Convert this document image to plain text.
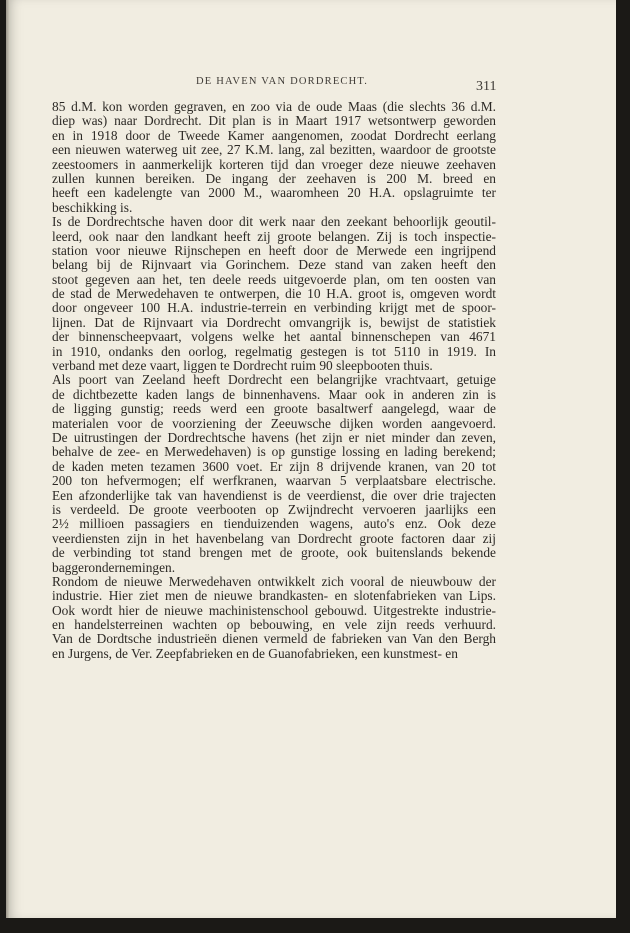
DE HAVEN VAN DORDRECHT.	311
85 d.M. kon worden gegraven, en zoo via de oude Maas (die slechts 36 d.M.
diep was) naar Dordrecht. Dit plan is in Maart 1917 wetsontwerp geworden
en in 1918 door de Tweede Kamer aangenomen, zoodat Dordrecht eerlang
een nieuwen waterweg uit zee, 27 K.M. lang, zal bezitten, waardoor de grootste
zeestoomers in aanmerkelijk korteren tijd dan vroeger deze nieuwe zeehaven
zullen kunnen bereiken. De ingang der zeehaven is 200 M. breed en
heeft een kadelengte van 2000 M., waaromheen 20 H.A. opslagruimte ter
beschikking is.
Is de Dordrechtsche haven door dit werk naar den zeekant behoorlijk geoutil-
leerd, ook naar den landkant heeft zij groote belangen. Zij is toch inspectie-
station voor nieuwe Rijnschepen en heeft door de Merwede een ingrijpend
belang bij de Rijnvaart via Gorinchem. Deze stand van zaken heeft den
stoot gegeven aan het, ten deele reeds uitgevoerde plan, om ten oosten van
de stad de Merwedehaven te ontwerpen, die 10 H.A. groot is, omgeven wordt
door ongeveer 100 H.A. industrie-terrein en verbinding krijgt met de spoor-
lijnen. Dat de Rijnvaart via Dordrecht omvangrijk is, bewijst de statistiek
der binnenscheepvaart, volgens welke het aantal binnenschepen van 4671
in 1910, ondanks den oorlog, regelmatig gestegen is tot 5110 in 1919. In
verband met deze vaart, liggen te Dordrecht ruim 90 sleepbooten thuis.
Als poort van Zeeland heeft Dordrecht een belangrijke vrachtvaart, getuige
de dichtbezette kaden langs de binnenhavens. Maar ook in anderen zin is
de ligging gunstig; reeds werd een groote basaltwerf aangelegd, waar de
materialen voor de voorziening der Zeeuwsche dijken worden aangevoerd.
De uitrustingen der Dordrechtsche havens (het zijn er niet minder dan zeven,
behalve de zee- en Merwedehaven) is op gunstige lossing en lading berekend;
de kaden meten tezamen 3600 voet. Er zijn 8 drijvende kranen, van 20 tot
200 ton hefvermogen; elf werfkranen, waarvan 5 verplaatsbare electrische.
Een afzonderlijke tak van havendienst is de veerdienst, die over drie trajecten
is verdeeld. De groote veerbooten op Zwijndrecht vervoeren jaarlijks een
2½ millioen passagiers en tienduizenden wagens, auto's enz. Ook deze
veerdiensten zijn in het havenbelang van Dordrecht groote factoren daar zij
de verbinding tot stand brengen met de groote, ook buitenslands bekende
baggerondernemingen.
Rondom de nieuwe Merwedehaven ontwikkelt zich vooral de nieuwbouw der
industrie. Hier ziet men de nieuwe brandkasten- en slotenfabrieken van Lips.
Ook wordt hier de nieuwe machinistenschool gebouwd. Uitgestrekte industrie-
en handelsterreinen wachten op bebouwing, en vele zijn reeds verhuurd.
Van de Dordtsche industrieën dienen vermeld de fabrieken van Van den Bergh
en Jurgens, de Ver. Zeepfabrieken en de Guanofabrieken, een kunstmest- en
